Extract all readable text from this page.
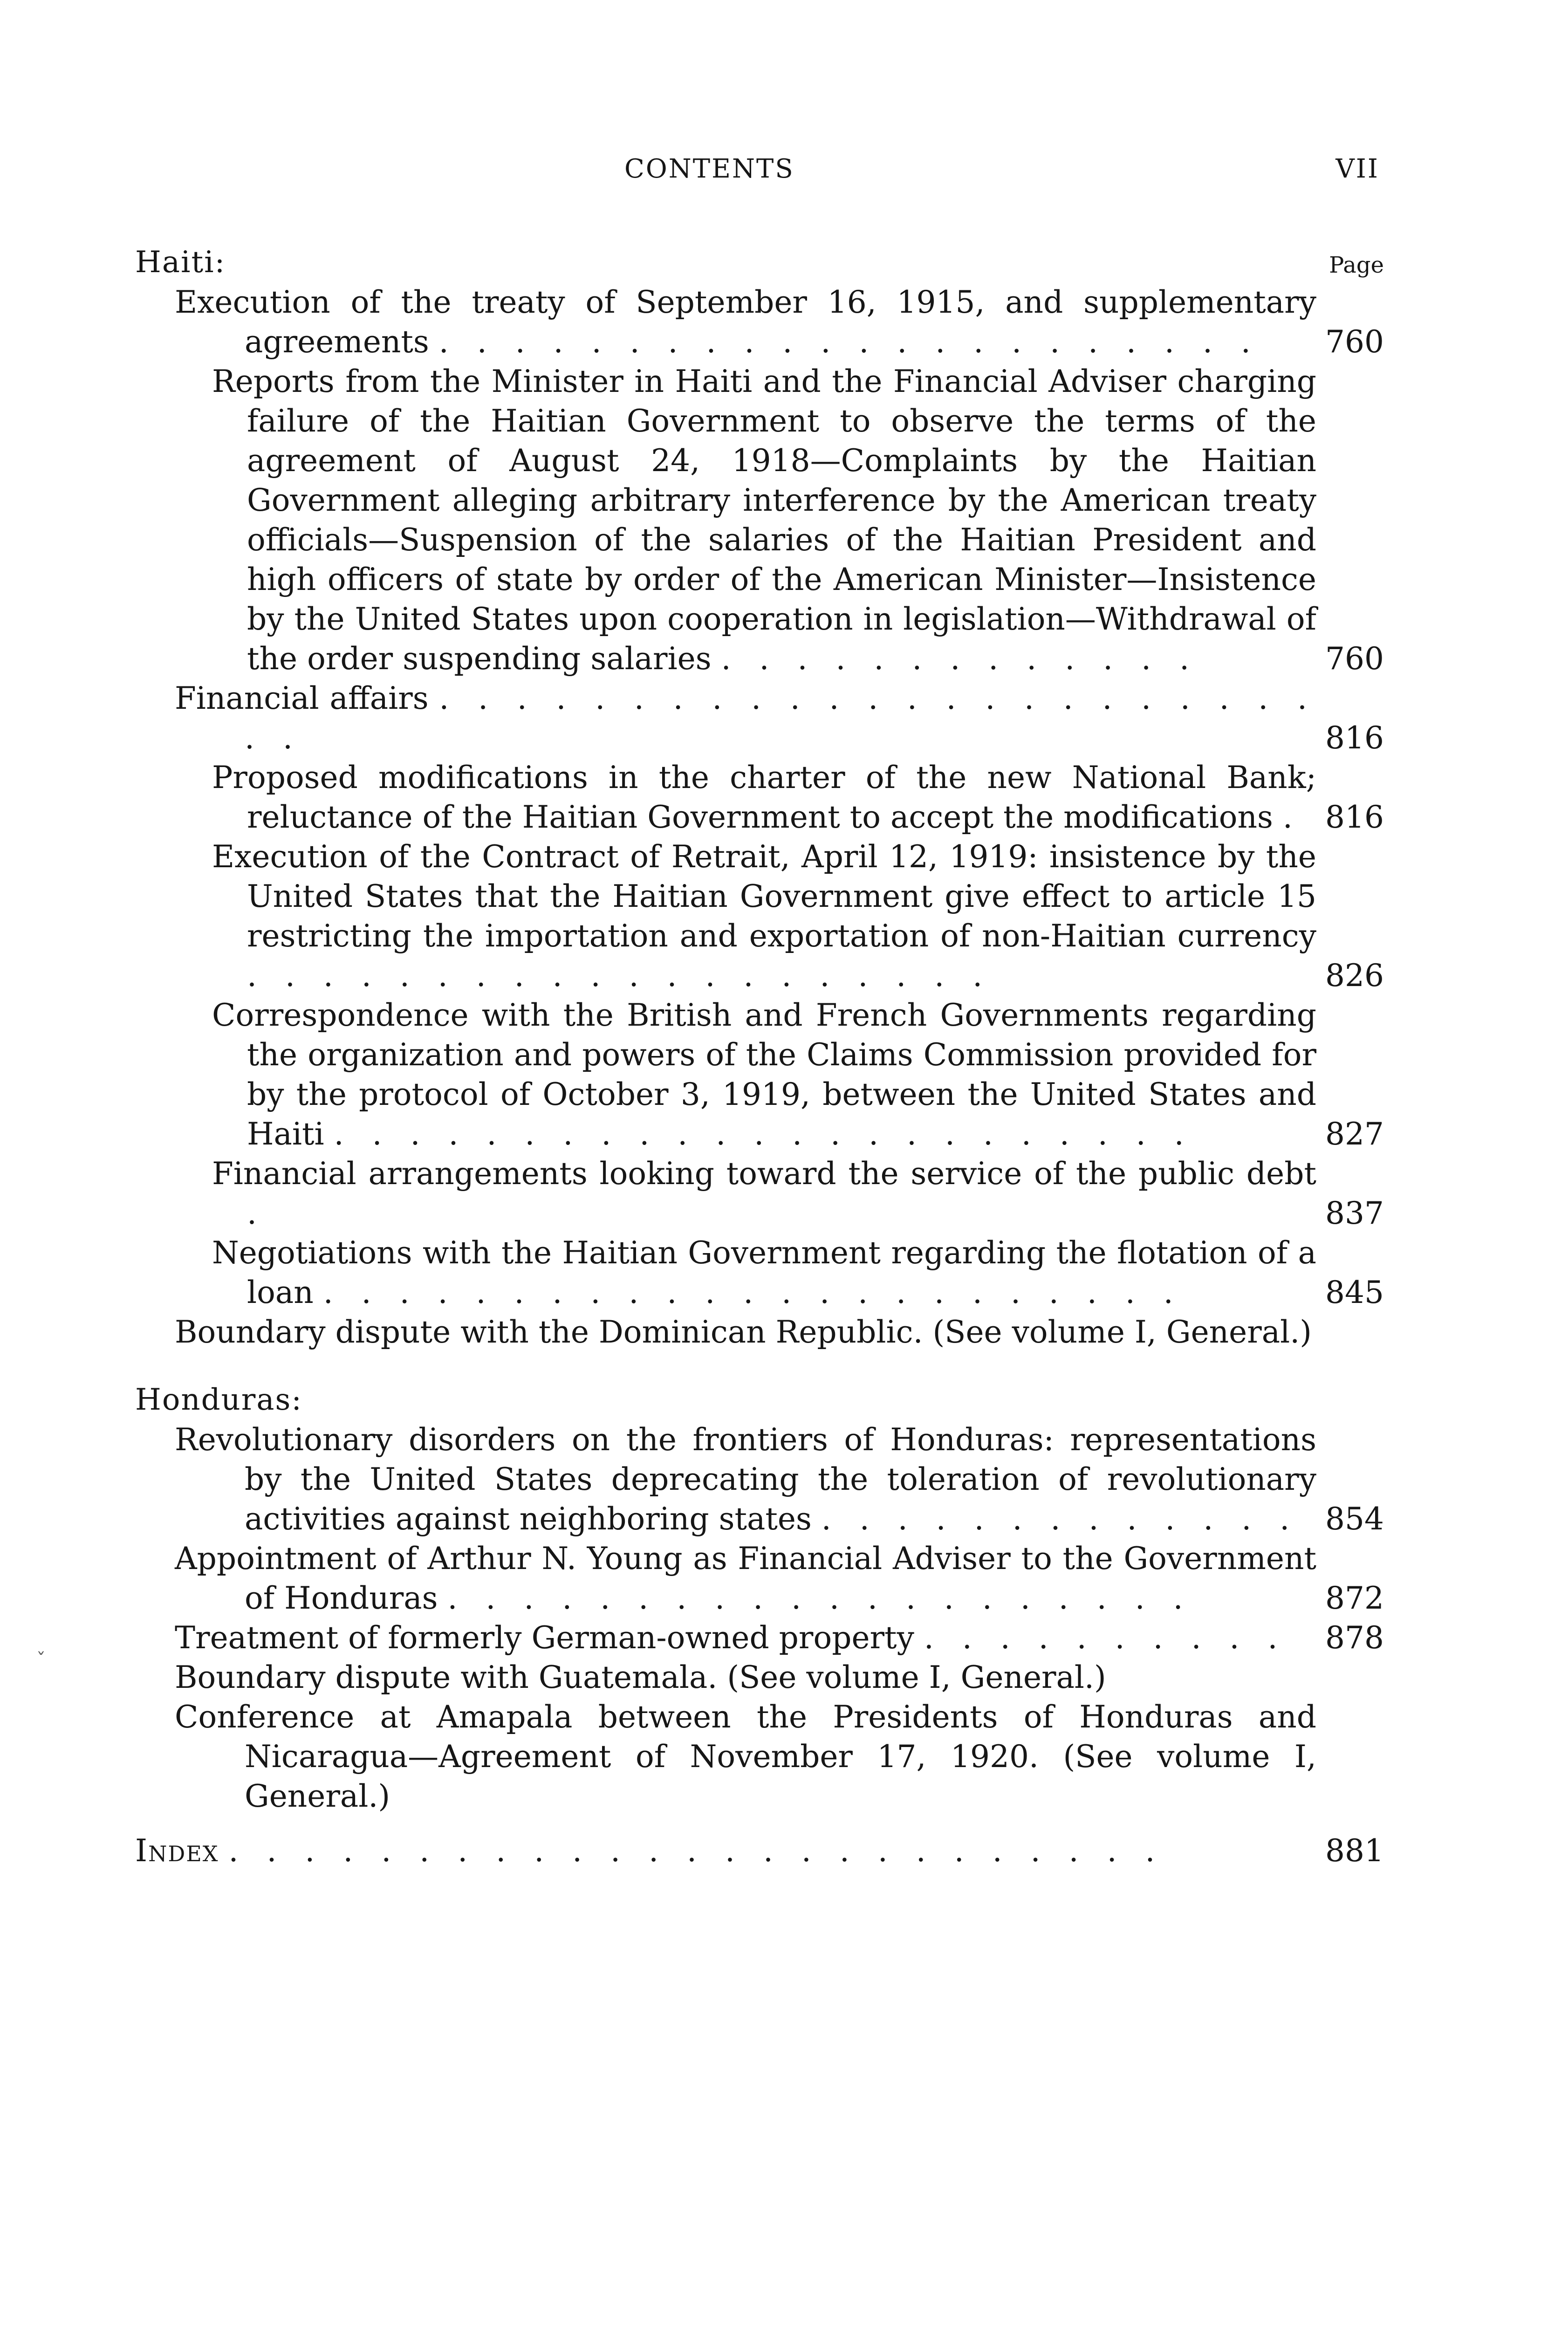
CONTENTS	VII
Haiti:	Page
Execution of the treaty of September 16, 1915, and supplementary agreements . . . . . . . . . . . . . . . . . . . . . .	760
Reports from the Minister in Haiti and the Financial Adviser charging failure of the Haitian Government to observe the terms of the agreement of August 24, 1918—Complaints by the Haitian Government alleging arbitrary interference by the American treaty officials—Suspension of the salaries of the Haitian President and high officers of state by order of the American Minister—Insistence by the United States upon cooperation in legislation—Withdrawal of the order suspending salaries . . . . . . . . . . . . .	760
Financial affairs . . . . . . . . . . . . . . . . . . . . . . . . .	816
Proposed modifications in the charter of the new National Bank; reluctance of the Haitian Government to accept the modifications . 816
Execution of the Contract of Retrait, April 12, 1919: insistence by the United States that the Haitian Government give effect to article 15 restricting the importation and exportation of non-Haitian currency . . . . . . . . . . . . . . . . . . . .	826
Correspondence with the British and French Governments regarding the organization and powers of the Claims Commission provided for by the protocol of October 3, 1919, between the United States and Haiti . . . . . . . . . . . . . . . . . . . . . . .	827
Financial arrangements looking toward the service of the public debt .	837
Negotiations with the Haitian Government regarding the flotation of a loan . . . . . . . . . . . . . . . . . . . . . . .	845
Boundary dispute with the Dominican Republic. (See volume I, General.)
Honduras:
Revolutionary disorders on the frontiers of Honduras: representations by the United States deprecating the toleration of revolutionary activities against neighboring states . . . . . . . . . . . . . 854
Appointment of Arthur N. Young as Financial Adviser to the Government of Honduras . . . . . . . . . . . . . . . . . . . .	872
Treatment of formerly German-owned property . . . . . . . . . .	878
Boundary dispute with Guatemala. (See volume I, General.)
Conference at Amapala between the Presidents of Honduras and Nicaragua—Agreement of November 17, 1920. (See volume I, General.)
Index . . . . . . . . . . . . . . . . . . . . . . . . .	881
ˇ
